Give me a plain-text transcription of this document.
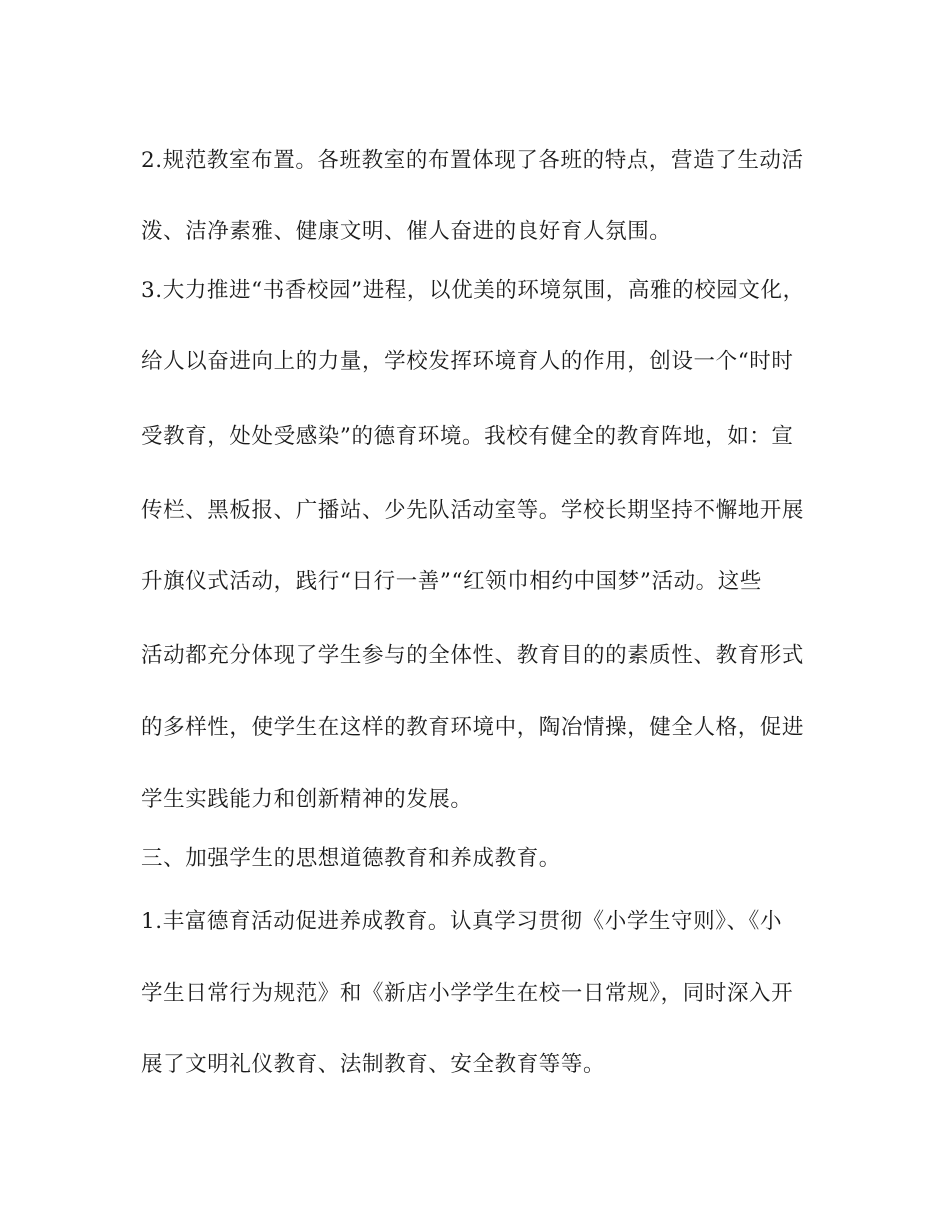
2.规范教室布置。各班教室的布置体现了各班的特点，营造了生动活
泼、洁净素雅、健康文明、催人奋进的良好育人氛围。
3.大力推进“书香校园”进程，以优美的环境氛围，高雅的校园文化，
给人以奋进向上的力量，学校发挥环境育人的作用，创设一个“时时
受教育，处处受感染”的德育环境。我校有健全的教育阵地，如：宣
传栏、黑板报、广播站、少先队活动室等。学校长期坚持不懈地开展
升旗仪式活动，践行“日行一善”“红领巾相约中国梦”活动。这些
活动都充分体现了学生参与的全体性、教育目的的素质性、教育形式
的多样性，使学生在这样的教育环境中，陶冶情操，健全人格，促进
学生实践能力和创新精神的发展。
三、加强学生的思想道德教育和养成教育。
1.丰富德育活动促进养成教育。认真学习贯彻《小学生守则》、《小
学生日常行为规范》和《新店小学学生在校一日常规》，同时深入开
展了文明礼仪教育、法制教育、安全教育等等。
